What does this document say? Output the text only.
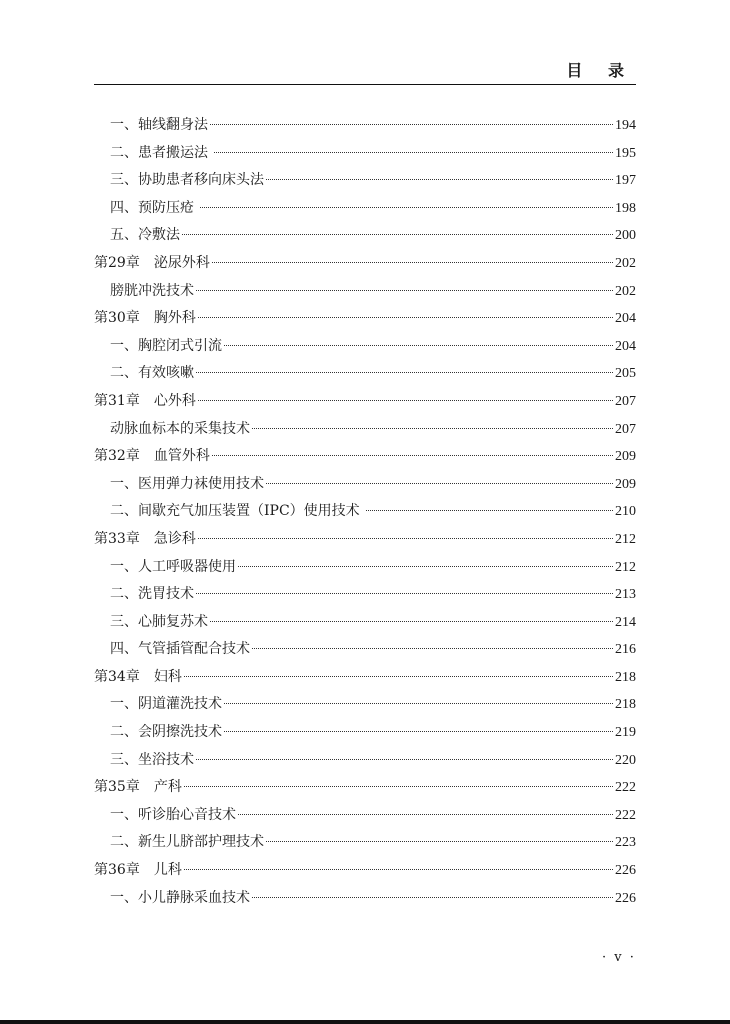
目 录
一、轴线翻身法	194
二、患者搬运法	195
三、协助患者移向床头法	197
四、预防压疮	198
五、冷敷法	200
第29章 泌尿外科	202
膀胱冲洗技术	202
第30章 胸外科	204
一、胸腔闭式引流	204
二、有效咳嗽	205
第31章 心外科	207
动脉血标本的采集技术	207
第32章 血管外科	209
一、医用弹力袜使用技术	209
二、间歇充气加压装置（IPC）使用技术	210
第33章 急诊科	212
一、人工呼吸器使用	212
二、洗胃技术	213
三、心肺复苏术	214
四、气管插管配合技术	216
第34章 妇科	218
一、阴道灌洗技术	218
二、会阴擦洗技术	219
三、坐浴技术	220
第35章 产科	222
一、听诊胎心音技术	222
二、新生儿脐部护理技术	223
第36章 儿科	226
一、小儿静脉采血技术	226
· v ·
